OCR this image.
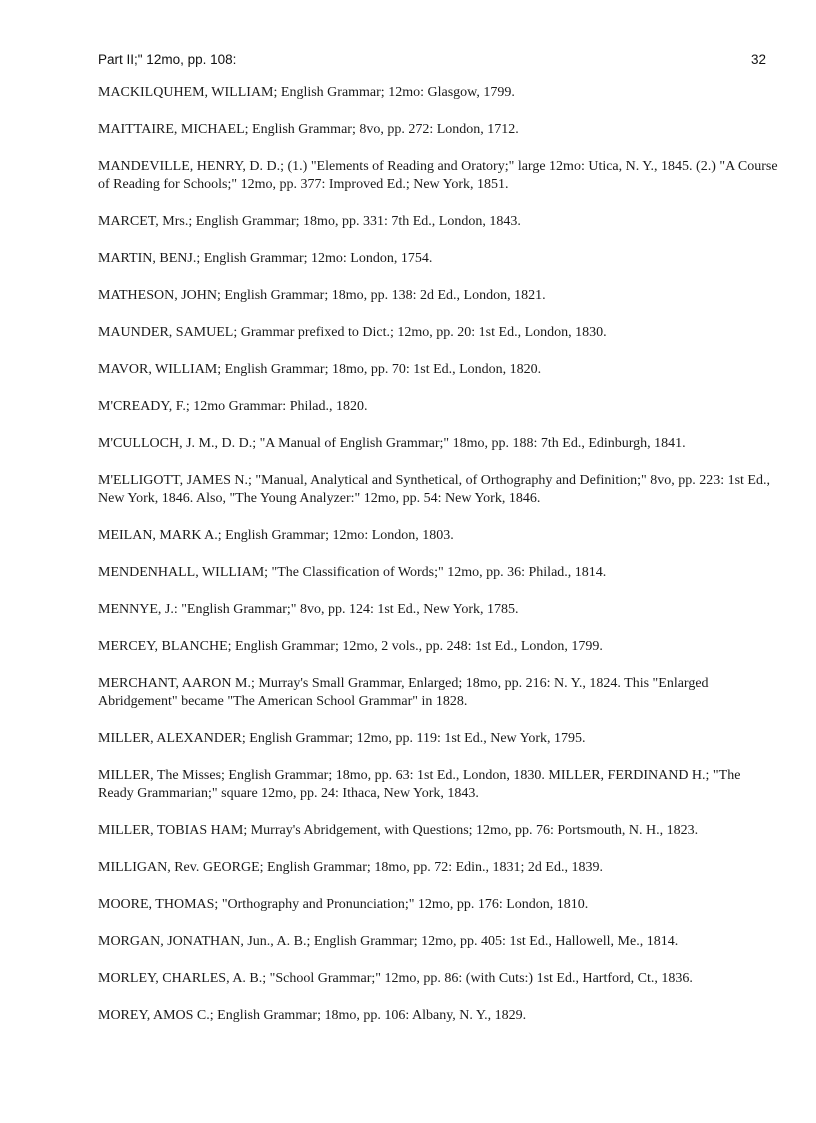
Part II;" 12mo, pp. 108:	32

MACKILQUHEM, WILLIAM; English Grammar; 12mo: Glasgow, 1799.

MAITTAIRE, MICHAEL; English Grammar; 8vo, pp. 272: London, 1712.

MANDEVILLE, HENRY, D. D.; (1.) "Elements of Reading and Oratory;" large 12mo: Utica, N. Y., 1845. (2.) "A Course of Reading for Schools;" 12mo, pp. 377: Improved Ed.; New York, 1851.

MARCET, Mrs.; English Grammar; 18mo, pp. 331: 7th Ed., London, 1843.

MARTIN, BENJ.; English Grammar; 12mo: London, 1754.

MATHESON, JOHN; English Grammar; 18mo, pp. 138: 2d Ed., London, 1821.

MAUNDER, SAMUEL; Grammar prefixed to Dict.; 12mo, pp. 20: 1st Ed., London, 1830.

MAVOR, WILLIAM; English Grammar; 18mo, pp. 70: 1st Ed., London, 1820.

M'CREADY, F.; 12mo Grammar: Philad., 1820.

M'CULLOCH, J. M., D. D.; "A Manual of English Grammar;" 18mo, pp. 188: 7th Ed., Edinburgh, 1841.

M'ELLIGOTT, JAMES N.; "Manual, Analytical and Synthetical, of Orthography and Definition;" 8vo, pp. 223: 1st Ed., New York, 1846. Also, "The Young Analyzer:" 12mo, pp. 54: New York, 1846.

MEILAN, MARK A.; English Grammar; 12mo: London, 1803.

MENDENHALL, WILLIAM; "The Classification of Words;" 12mo, pp. 36: Philad., 1814.

MENNYE, J.: "English Grammar;" 8vo, pp. 124: 1st Ed., New York, 1785.

MERCEY, BLANCHE; English Grammar; 12mo, 2 vols., pp. 248: 1st Ed., London, 1799.

MERCHANT, AARON M.; Murray's Small Grammar, Enlarged; 18mo, pp. 216: N. Y., 1824. This "Enlarged Abridgement" became "The American School Grammar" in 1828.

MILLER, ALEXANDER; English Grammar; 12mo, pp. 119: 1st Ed., New York, 1795.

MILLER, The Misses; English Grammar; 18mo, pp. 63: 1st Ed., London, 1830. MILLER, FERDINAND H.; "The Ready Grammarian;" square 12mo, pp. 24: Ithaca, New York, 1843.

MILLER, TOBIAS HAM; Murray's Abridgement, with Questions; 12mo, pp. 76: Portsmouth, N. H., 1823.

MILLIGAN, Rev. GEORGE; English Grammar; 18mo, pp. 72: Edin., 1831; 2d Ed., 1839.

MOORE, THOMAS; "Orthography and Pronunciation;" 12mo, pp. 176: London, 1810.

MORGAN, JONATHAN, Jun., A. B.; English Grammar; 12mo, pp. 405: 1st Ed., Hallowell, Me., 1814.

MORLEY, CHARLES, A. B.; "School Grammar;" 12mo, pp. 86: (with Cuts:) 1st Ed., Hartford, Ct., 1836.

MOREY, AMOS C.; English Grammar; 18mo, pp. 106: Albany, N. Y., 1829.
